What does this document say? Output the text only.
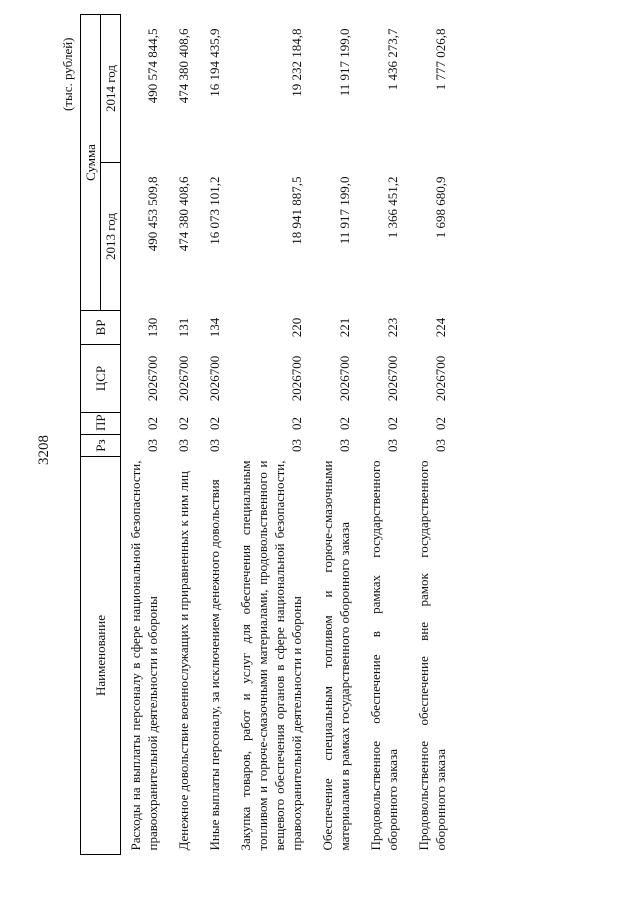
3208
(тыс. рублей)
Наименование	Рз	ПР	ЦСР	ВР	Сумма	
					2013 год	2014 год
Расходы на выплаты персоналу в сфере национальной безопасности, правоохранительной деятельности и обороны	03	02	2026700	130	490 453 509,8	490 574 844,5
Денежное довольствие военнослужащих и приравненных к ним лиц	03	02	2026700	131	474 380 408,6	474 380 408,6
Иные выплаты персоналу, за исключением денежного довольствия	03	02	2026700	134	16 073 101,2	16 194 435,9
Закупка товаров, работ и услуг для обеспечения специальным топливом и горюче-смазочными материалами, продовольственного и вещевого обеспечения органов в сфере национальной безопасности, правоохранительной деятельности и обороны	03	02	2026700	220	18 941 887,5	19 232 184,8
Обеспечение специальным топливом и горюче-смазочными материалами в рамках государственного оборонного заказа	03	02	2026700	221	11 917 199,0	11 917 199,0
Продовольственное обеспечение в рамках государственного оборонного заказа	03	02	2026700	223	1 366 451,2	1 436 273,7
Продовольственное обеспечение вне рамок государственного оборонного заказа	03	02	2026700	224	1 698 680,9	1 777 026,8
